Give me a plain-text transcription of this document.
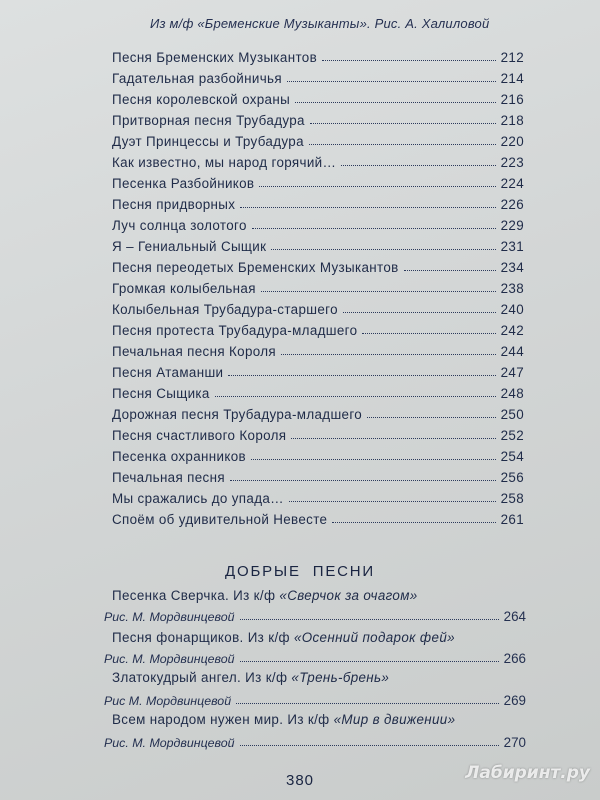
Из м/ф «Бременские Музыканты». Рис. А. Халиловой
Песня Бременских Музыкантов	212
Гадательная разбойничья	214
Песня королевской охраны	216
Притворная песня Трубадура	218
Дуэт Принцессы и Трубадура	220
Как известно, мы народ горячий…	223
Песенка Разбойников	224
Песня придворных	226
Луч солнца золотого	229
Я – Гениальный Сыщик	231
Песня переодетых Бременских Музыкантов	234
Громкая колыбельная	238
Колыбельная Трубадура-старшего	240
Песня протеста Трубадура-младшего	242
Печальная песня Короля	244
Песня Атаманши	247
Песня Сыщика	248
Дорожная песня Трубадура-младшего	250
Песня счастливого Короля	252
Песенка охранников	254
Печальная песня	256
Мы сражались до упада…	258
Споём об удивительной Невесте	261
ДОБРЫЕ ПЕСНИ
Песенка Сверчка. Из к/ф «Сверчок за очагом»
Рис. М. Мордвинцевой	264
Песня фонарщиков. Из к/ф «Осенний подарок фей»
Рис. М. Мордвинцевой	266
Златокудрый ангел. Из к/ф «Трень-брень»
Рис М. Мордвинцевой	269
Всем народом нужен мир. Из к/ф «Мир в движении»
Рис. М. Мордвинцевой	270
380	Лабиринт.ру
